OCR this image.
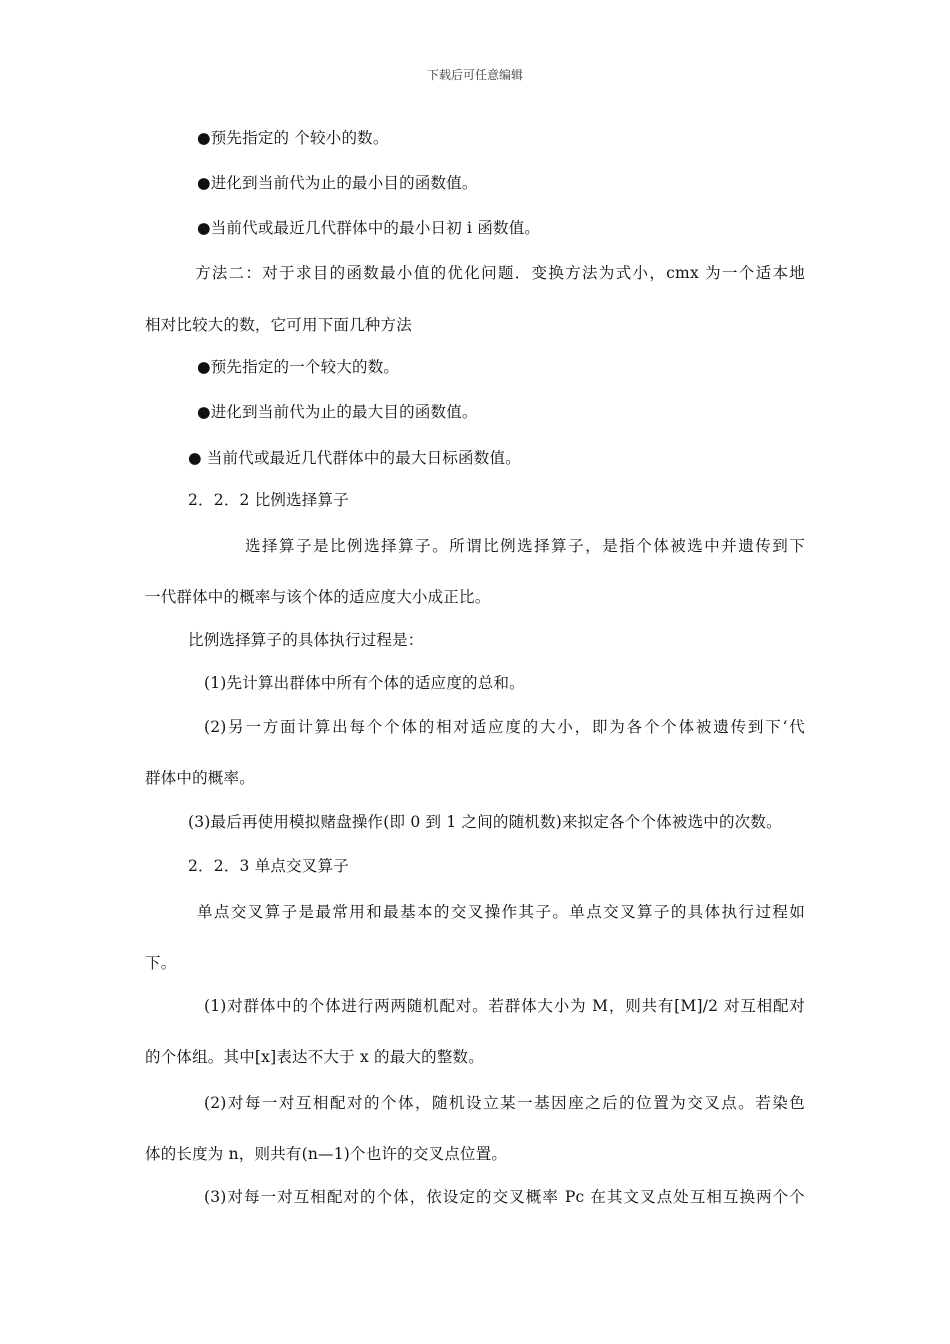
下载后可任意编辑
●预先指定的 个较小的数。
●进化到当前代为止的最小目的函数值。
●当前代或最近几代群体中的最小日初 i 函数值。
方法二：对于求目的函数最小值的优化问题．变换方法为式小，cmx 为一个适本地
相对比较大的数，它可用下面几种方法
●预先指定的一个较大的数。
●进化到当前代为止的最大目的函数值。
● 当前代或最近几代群体中的最大日标函数值。
2．2．2 比例选择算子
选择算子是比例选择算子。所谓比例选择算子，是指个体被选中并遗传到下
一代群体中的概率与该个体的适应度大小成正比。
比例选择算子的具体执行过程是：
(1)先计算出群体中所有个体的适应度的总和。
(2)另一方面计算出每个个体的相对适应度的大小，即为各个个体被遗传到下‘代
群体中的概率。
(3)最后再使用模拟赌盘操作(即 0 到 1 之间的随机数)来拟定各个个体被选中的次数。
2．2．3 单点交叉算子
单点交叉算子是最常用和最基本的交叉操作其子。单点交叉算子的具体执行过程如
下。
(1)对群体中的个体进行两两随机配对。若群体大小为 M，则共有[M]/2 对互相配对
的个体组。其中[x]表达不大于 x 的最大的整数。
(2)对每一对互相配对的个体，随机设立某一基因座之后的位置为交叉点。若染色
体的长度为 n，则共有(n—1)个也许的交叉点位置。
(3)对每一对互相配对的个体，依设定的交叉概率 Pc 在其文叉点处互相互换两个个
